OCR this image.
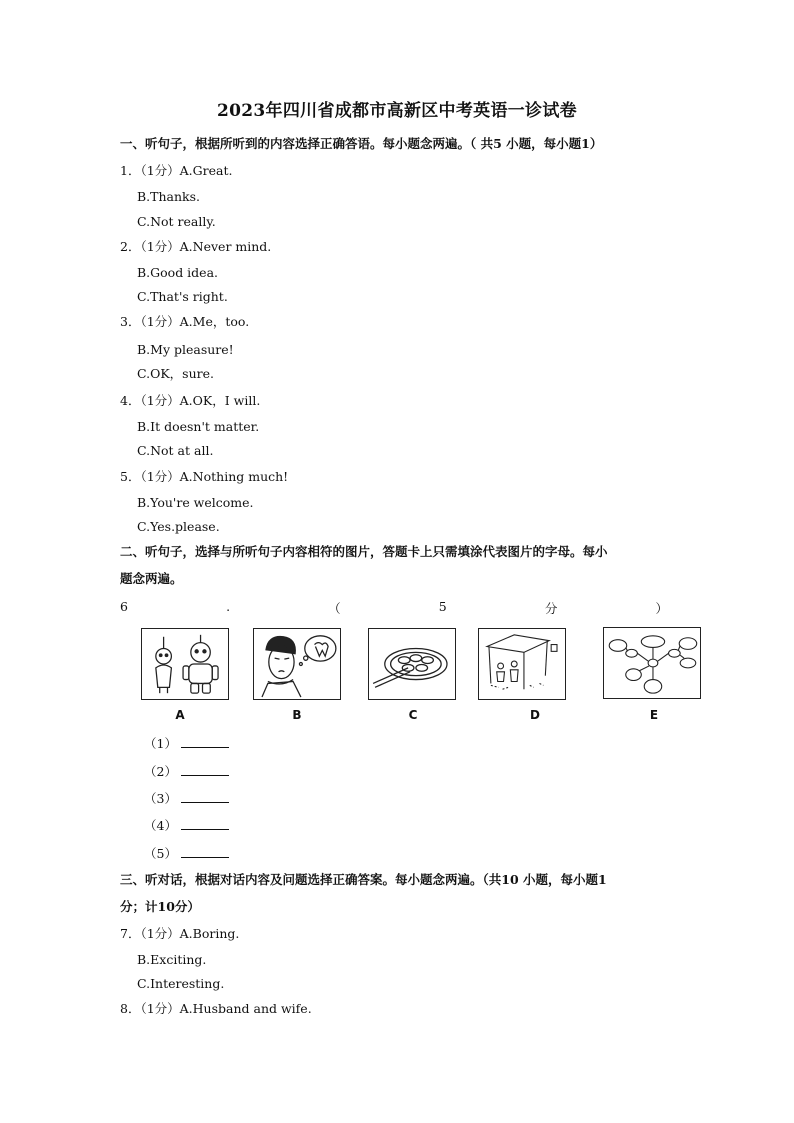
2023年四川省成都市高新区中考英语一诊试卷
一、听句子，根据所听到的内容选择正确答语。每小题念两遍。（ 共5 小题，每小题1）
1．（1分）A.Great.
B.Thanks.
C.Not really.
2．（1分）A.Never mind.
B.Good idea.
C.That's right.
3．（1分）A.Me，too.
B.My pleasure!
C.OK，sure.
4．（1分）A.OK，I will.
B.It doesn't matter.
C.Not at all.
5．（1分）A.Nothing much!
B.You're welcome.
C.Yes.please.
二、听句子，选择与所听句子内容相符的图片，答题卡上只需填涂代表图片的字母。每小
题念两遍。
6	.	（	5	分	）
A	B	C	D	E
（1）
（2）
（3）
（4）
（5）
三、听对话，根据对话内容及问题选择正确答案。每小题念两遍。（共10 小题，每小题1
分；计10分）
7．（1分）A.Boring.
B.Exciting.
C.Interesting.
8．（1分）A.Husband and wife.
